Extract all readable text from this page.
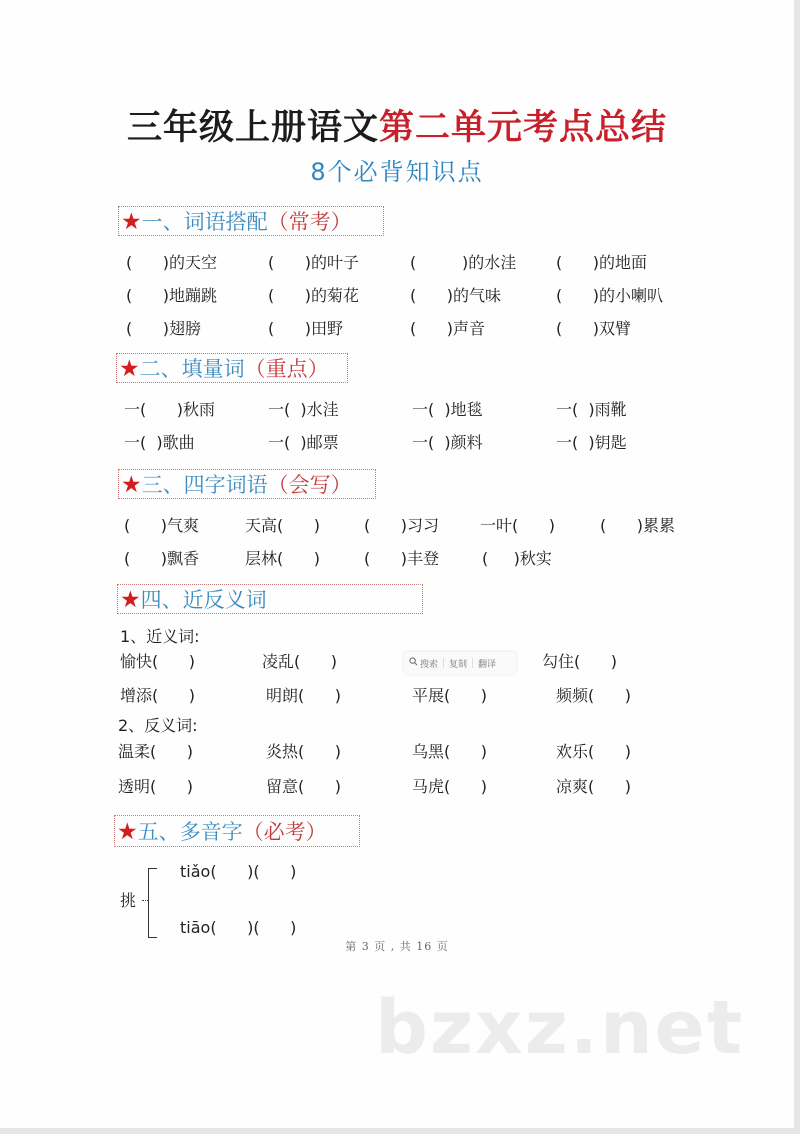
三年级上册语文第二单元考点总结
8个必背知识点
★一、词语搭配（常考）
(      )的天空	(      )的叶子	(         )的水洼 (      )的地面
(      )地蹦跳	(      )的菊花	(      )的气味	(      )的小喇叭
(      )翅膀	(      )田野	(      )声音	(      )双臂
★二、填量词（重点）
一(      )秋雨	一(  )水洼	一(  )地毯	一(  )雨靴
一(  )歌曲	一(  )邮票	一(  )颜料	一(  )钥匙
★三、四字词语（会写）
(      )气爽	天高(      )	(      )习习	一叶(      )	(      )累累
(      )飘香	层林(      )	(      )丰登	(     )秋实
★四、近反义词
1、近义词:
愉快(      )	凌乱(      )	勾住(      )
增添(      )	明朗(      )	平展(      )	频频(      )
2、反义词:
温柔(      )	炎热(      )	乌黑(      )	欢乐(      )
透明(      )	留意(      )	马虎(      )	凉爽(      )
★五、多音字（必考）
挑
tiǎo(      )(      )
tiāo(      )(      )
第 3 页 , 共 16 页
bzxz.net
搜索	复制	翻译
